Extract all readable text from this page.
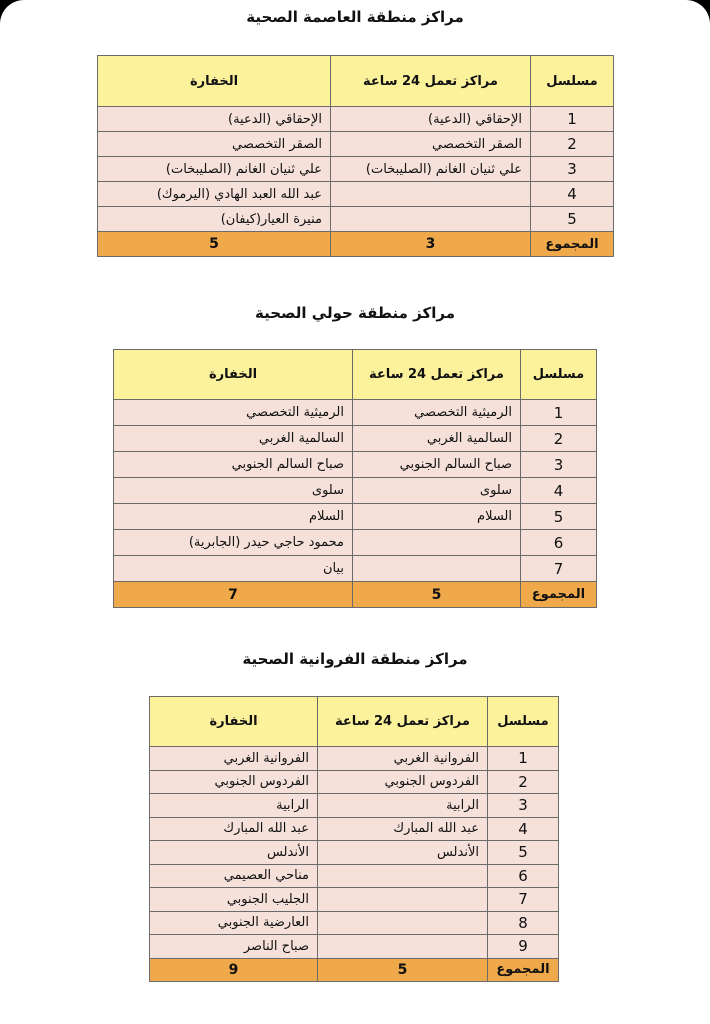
مراكز منطقة العاصمة الصحية
مسلسل	مراكز تعمل 24 ساعة	الخفارة
1	الإحقاقي (الدعية)	الإحقاقي (الدعية)
2	الصقر التخصصي	الصقر التخصصي
3	علي ثنيان الغانم (الصليبخات)	علي ثنيان الغانم (الصليبخات)
4		عبد الله العبد الهادي (اليرموك)
5		منيرة العيار(كيفان)
المجموع	3	5
مراكز منطقة حولي الصحية
مسلسل	مراكز تعمل 24 ساعة	الخفارة
1	الرميثية التخصصي	الرميثية التخصصي
2	السالمية الغربي	السالمية الغربي
3	صباح السالم الجنوبي	صباح السالم الجنوبي
4	سلوى	سلوى
5	السلام	السلام
6		محمود حاجي حيدر (الجابرية)
7		بيان
المجموع	5	7
مراكز منطقة الفروانية الصحية
مسلسل	مراكز تعمل 24 ساعة	الخفارة
1	الفروانية الغربي	الفروانية الغربي
2	الفردوس الجنوبي	الفردوس الجنوبي
3	الرابية	الرابية
4	عبد الله المبارك	عبد الله المبارك
5	الأندلس	الأندلس
6		مناحي العصيمي
7		الجليب الجنوبي
8		العارضية الجنوبي
9		صباح الناصر
المجموع	5	9
